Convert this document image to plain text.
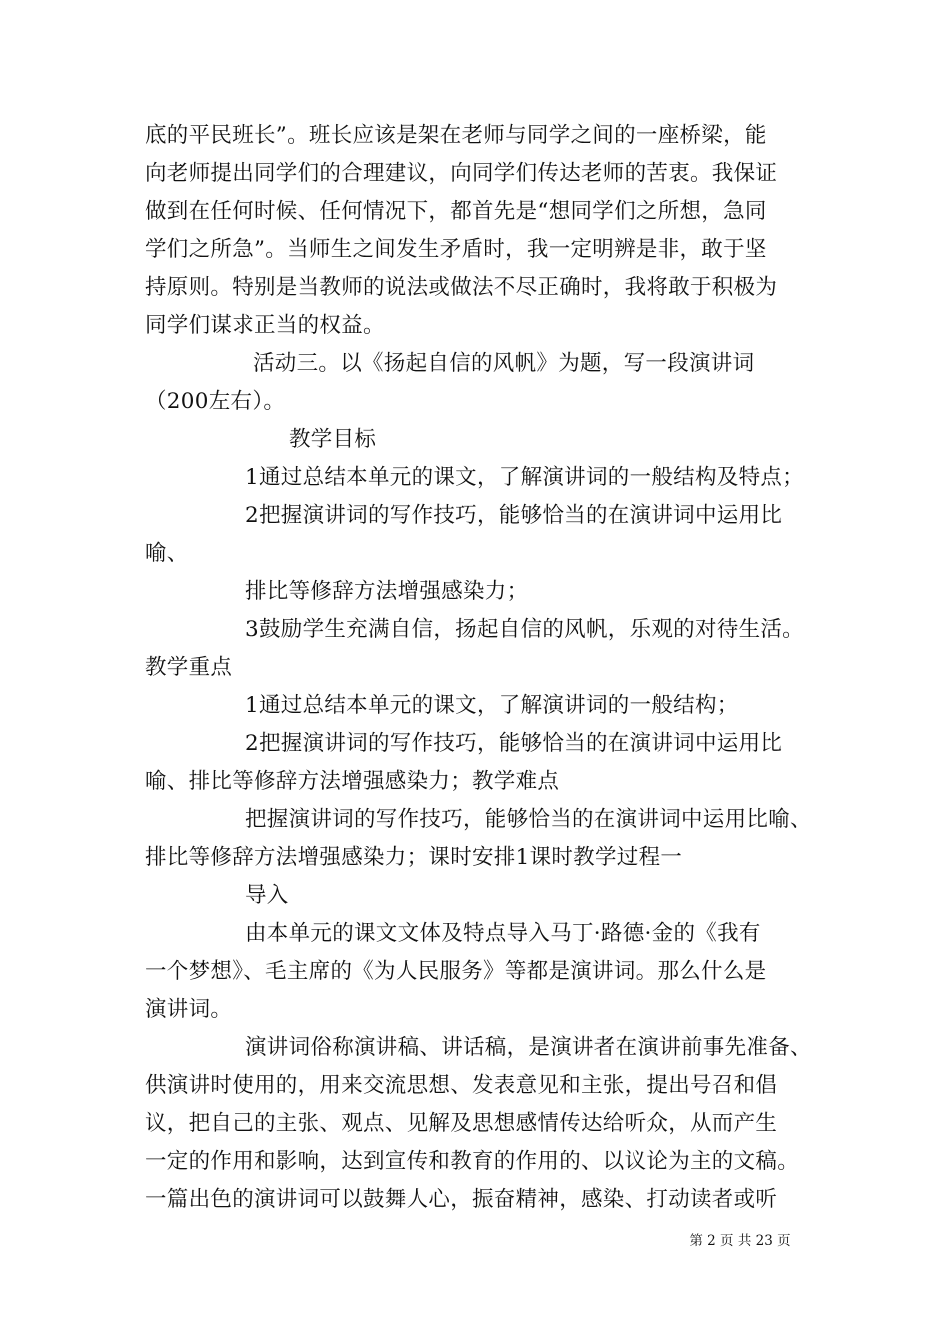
底的平民班长”。班长应该是架在老师与同学之间的一座桥梁，能
向老师提出同学们的合理建议，向同学们传达老师的苦衷。我保证
做到在任何时候、任何情况下，都首先是“想同学们之所想，急同
学们之所急”。当师生之间发生矛盾时，我一定明辨是非，敢于坚
持原则。特别是当教师的说法或做法不尽正确时，我将敢于积极为
同学们谋求正当的权益。
活动三。以《扬起自信的风帆》为题，写一段演讲词
（200左右）。
教学目标
1通过总结本单元的课文，了解演讲词的一般结构及特点；
2把握演讲词的写作技巧，能够恰当的在演讲词中运用比
喻、
排比等修辞方法增强感染力；
3鼓励学生充满自信，扬起自信的风帆，乐观的对待生活。
教学重点
1通过总结本单元的课文，了解演讲词的一般结构；
2把握演讲词的写作技巧，能够恰当的在演讲词中运用比
喻、排比等修辞方法增强感染力；教学难点
把握演讲词的写作技巧，能够恰当的在演讲词中运用比喻、
排比等修辞方法增强感染力；课时安排1课时教学过程一
导入
由本单元的课文文体及特点导入马丁·路德·金的《我有
一个梦想》、毛主席的《为人民服务》等都是演讲词。那么什么是
演讲词。
演讲词俗称演讲稿、讲话稿，是演讲者在演讲前事先准备、
供演讲时使用的，用来交流思想、发表意见和主张，提出号召和倡
议，把自己的主张、观点、见解及思想感情传达给听众，从而产生
一定的作用和影响，达到宣传和教育的作用的、以议论为主的文稿。
一篇出色的演讲词可以鼓舞人心，振奋精神，感染、打动读者或听
第 2 页 共 23 页
